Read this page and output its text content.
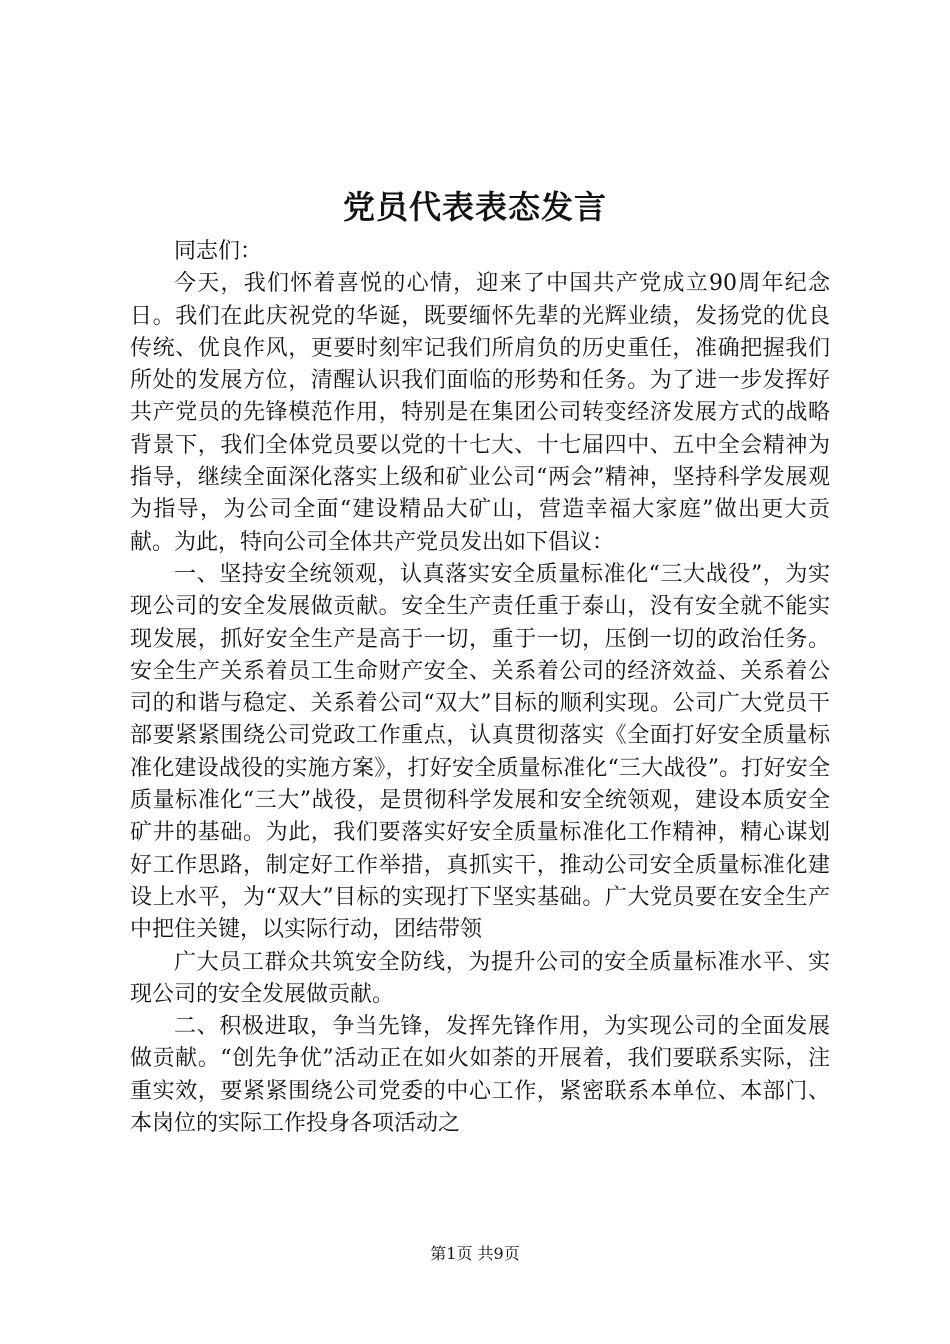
党员代表表态发言

同志们：

今天，我们怀着喜悦的心情，迎来了中国共产党成立90周年纪念日。我们在此庆祝党的华诞，既要缅怀先辈的光辉业绩，发扬党的优良传统、优良作风，更要时刻牢记我们所肩负的历史重任，准确把握我们所处的发展方位，清醒认识我们面临的形势和任务。为了进一步发挥好共产党员的先锋模范作用，特别是在集团公司转变经济发展方式的战略背景下，我们全体党员要以党的十七大、十七届四中、五中全会精神为指导，继续全面深化落实上级和矿业公司“两会”精神，坚持科学发展观为指导，为公司全面“建设精品大矿山，营造幸福大家庭”做出更大贡献。为此，特向公司全体共产党员发出如下倡议：

一、坚持安全统领观，认真落实安全质量标准化“三大战役”，为实现公司的安全发展做贡献。安全生产责任重于泰山，没有安全就不能实现发展，抓好安全生产是高于一切，重于一切，压倒一切的政治任务。安全生产关系着员工生命财产安全、关系着公司的经济效益、关系着公司的和谐与稳定、关系着公司“双大”目标的顺利实现。公司广大党员干部要紧紧围绕公司党政工作重点，认真贯彻落实《全面打好安全质量标准化建设战役的实施方案》，打好安全质量标准化“三大战役”。打好安全质量标准化“三大”战役，是贯彻科学发展和安全统领观，建设本质安全矿井的基础。为此，我们要落实好安全质量标准化工作精神，精心谋划好工作思路，制定好工作举措，真抓实干，推动公司安全质量标准化建设上水平，为“双大”目标的实现打下坚实基础。广大党员要在安全生产中把住关键，以实际行动，团结带领

广大员工群众共筑安全防线，为提升公司的安全质量标准水平、实现公司的安全发展做贡献。

二、积极进取，争当先锋，发挥先锋作用，为实现公司的全面发展做贡献。“创先争优”活动正在如火如荼的开展着，我们要联系实际，注重实效，要紧紧围绕公司党委的中心工作，紧密联系本单位、本部门、本岗位的实际工作投身各项活动之

第1页 共9页
